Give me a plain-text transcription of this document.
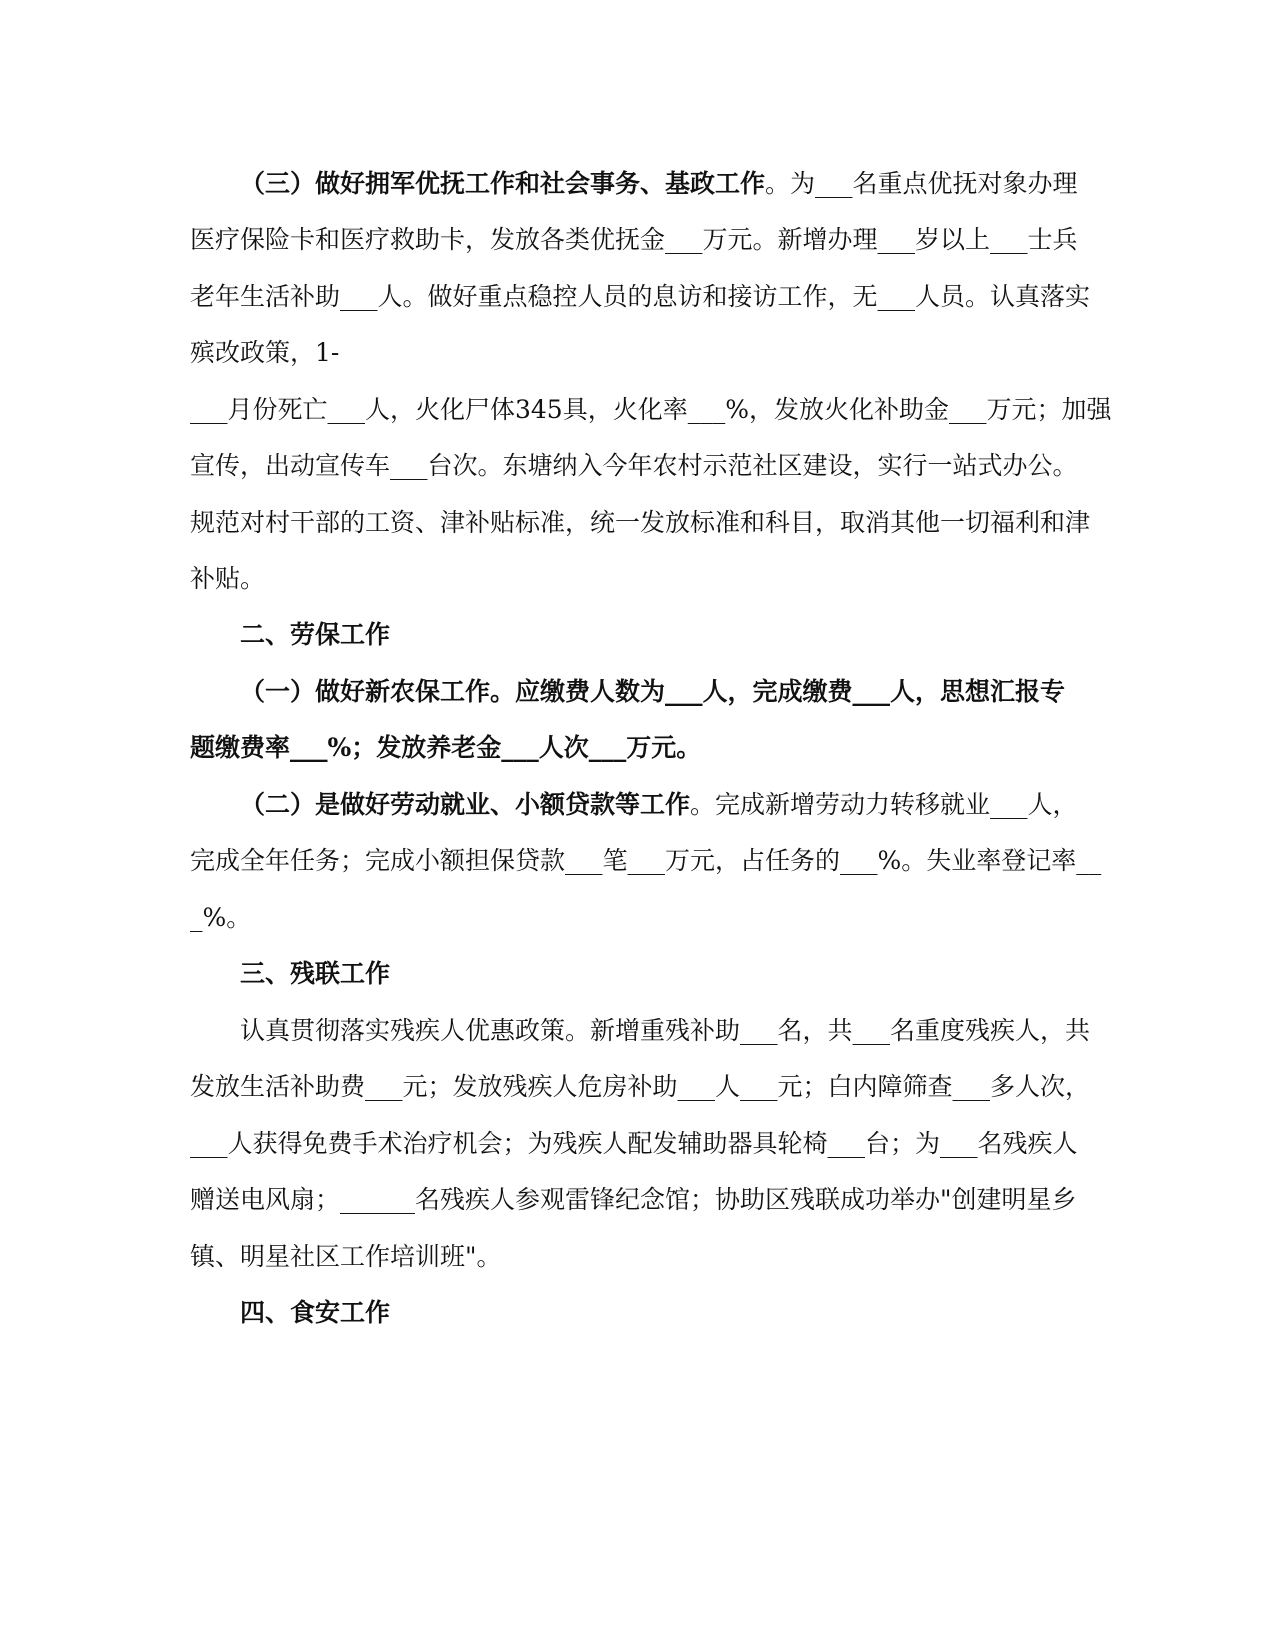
（三）做好拥军优抚工作和社会事务、基政工作。为___名重点优抚对象办理
医疗保险卡和医疗救助卡，发放各类优抚金___万元。新增办理___岁以上___士兵
老年生活补助___人。做好重点稳控人员的息访和接访工作，无___人员。认真落实
殡改政策，1-
___月份死亡___人，火化尸体345具，火化率___%，发放火化补助金___万元；加强
宣传，出动宣传车___台次。东塘纳入今年农村示范社区建设，实行一站式办公。
规范对村干部的工资、津补贴标准，统一发放标准和科目，取消其他一切福利和津
补贴。
二、劳保工作
（一）做好新农保工作。应缴费人数为___人，完成缴费___人，思想汇报专
题缴费率___%；发放养老金___人次___万元。
（二）是做好劳动就业、小额贷款等工作。完成新增劳动力转移就业___人，
完成全年任务；完成小额担保贷款___笔___万元，占任务的___%。失业率登记率__
_%。
三、残联工作
认真贯彻落实残疾人优惠政策。新增重残补助___名，共___名重度残疾人，共
发放生活补助费___元；发放残疾人危房补助___人___元；白内障筛查___多人次，
___人获得免费手术治疗机会；为残疾人配发辅助器具轮椅___台；为___名残疾人
赠送电风扇；______名残疾人参观雷锋纪念馆；协助区残联成功举办"创建明星乡
镇、明星社区工作培训班"。
四、食安工作
